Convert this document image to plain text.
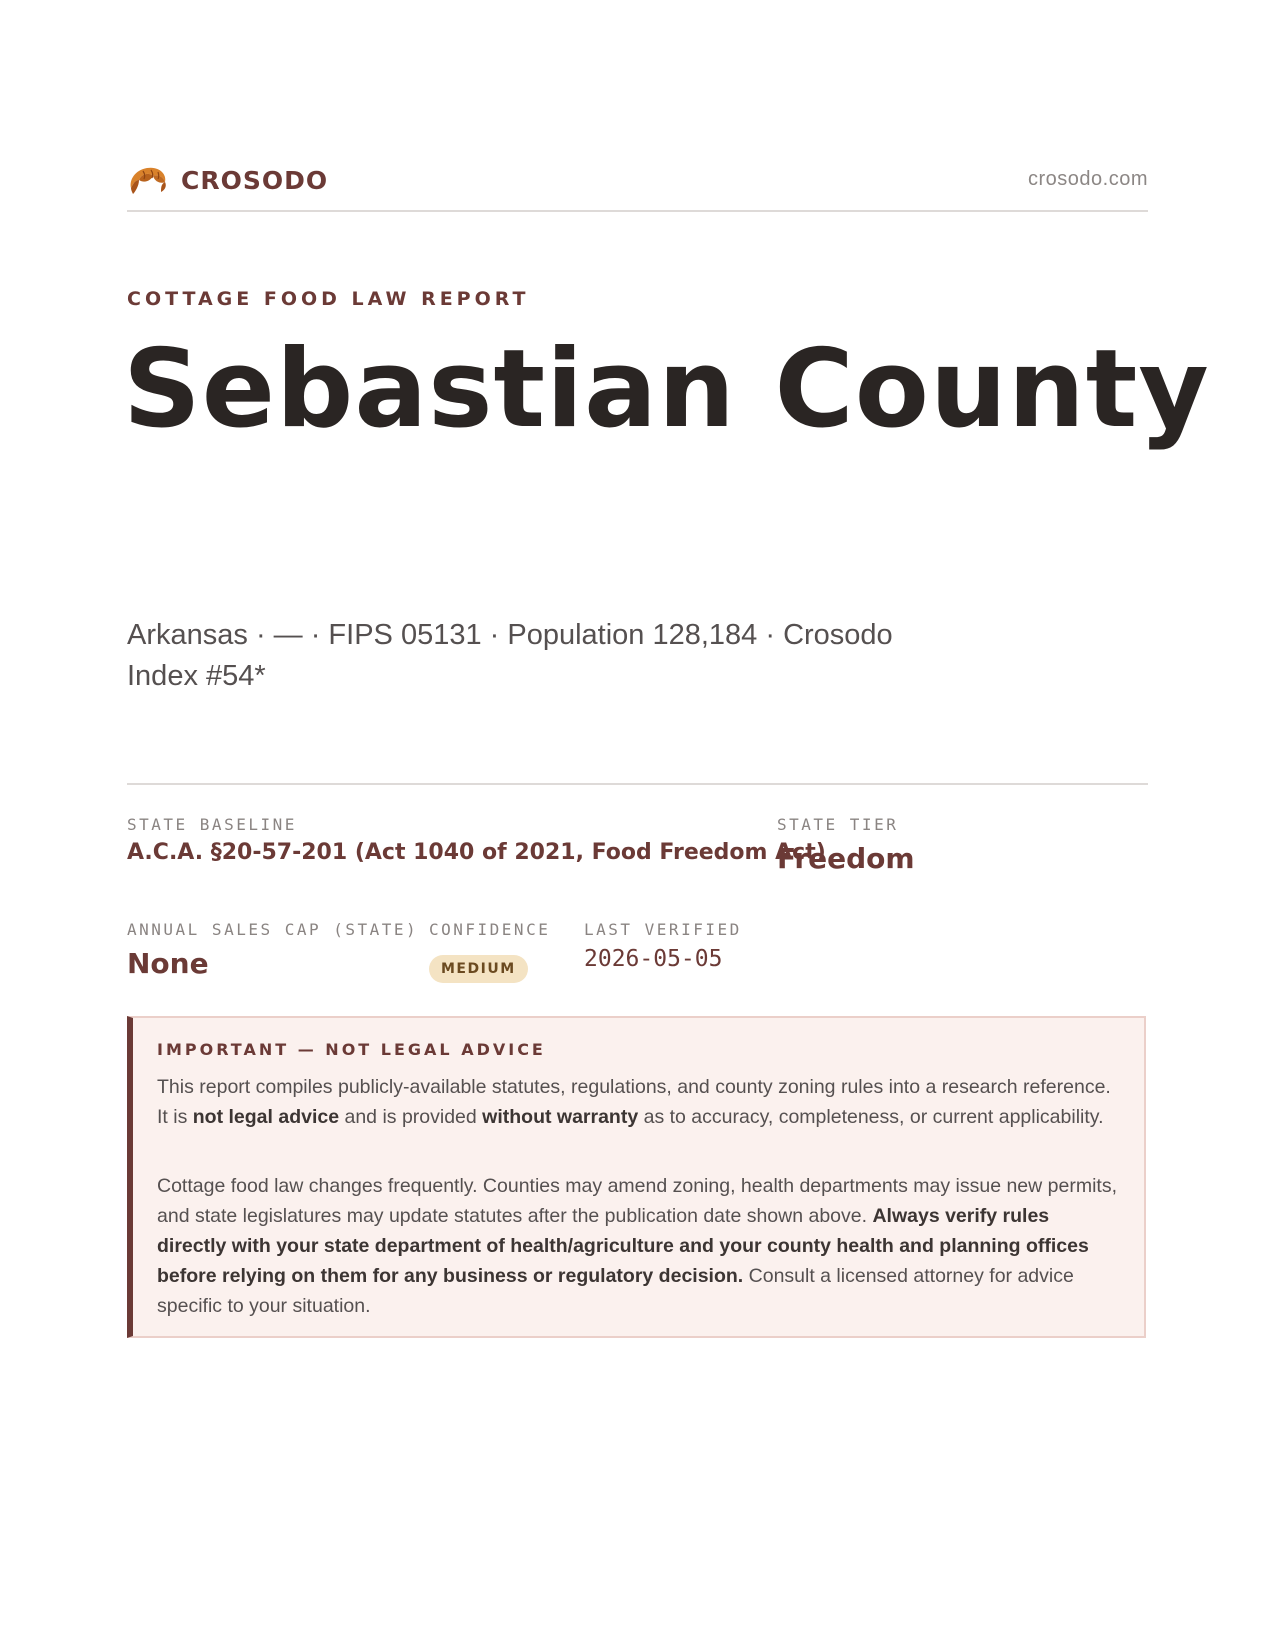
CROSODO	crosodo.com
COTTAGE FOOD LAW REPORT
Sebastian County
Arkansas · — · FIPS 05131 · Population 128,184 · Crosodo Index #54*
STATE BASELINE
A.C.A. §20-57-201 (Act 1040 of 2021, Food Freedom Act)
STATE TIER
Freedom
ANNUAL SALES CAP (STATE)
None
CONFIDENCE
MEDIUM
LAST VERIFIED
2026-05-05
IMPORTANT — NOT LEGAL ADVICE

This report compiles publicly-available statutes, regulations, and county zoning rules into a research reference. It is not legal advice and is provided without warranty as to accuracy, completeness, or current applicability.

Cottage food law changes frequently. Counties may amend zoning, health departments may issue new permits, and state legislatures may update statutes after the publication date shown above. Always verify rules directly with your state department of health/agriculture and your county health and planning offices before relying on them for any business or regulatory decision. Consult a licensed attorney for advice specific to your situation.
